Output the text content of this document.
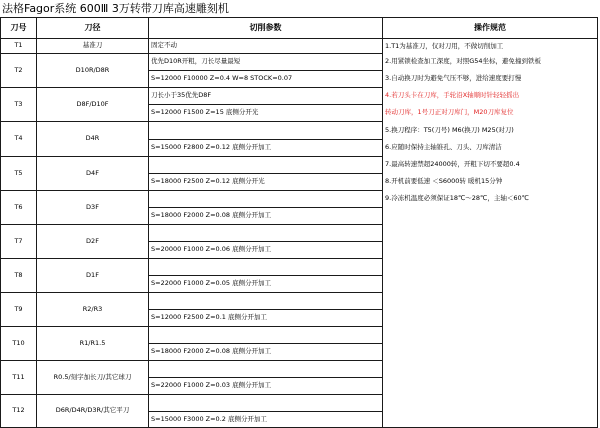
法格Fagor系统 600Ⅲ 3万转带刀库高速雕刻机
刀号	刀径	切削参数	操作规范
T1	基准刀	固定不动	1.T1为基准刀，仅对刀用，不做切削加工
T2	D10R/D8R	优先D10R开粗，刀长尽量最短	2.用紧锁检查加工深度，对照G54坐标，避免撞到铁板
		S=12000 F10000 Z=0.4 W=8 STOCK=0.07	3.自动换刀时为避免气压不够，进给速度要打慢
T3	D8F/D10F	刀长小于35优先D8F	4.若刀头卡在刀库，手轮沿X轴顺时针轻轻摇出
		S=12000 F1500 Z=15 底侧分开光	转动刀库，1号刀正对刀库门，M20刀库复位
T4	D4R		5.换刀程序：T5(刀号) M6(换刀) M25(对刀)
		S=15000 F2800 Z=0.12 底侧分开加工	6.应随时保持主轴锥孔、刀头、刀库清洁
T5	D4F		7.最高转速禁超24000转，开粗下切不要超0.4
		S=18000 F2500 Z=0.12 底侧分开光	8.开机前要低速 ＜S6000转 暖机15分钟
T6	D3F		9.冷冻机温度必须保证18℃～28℃，主轴＜60℃
		S=18000 F2000 Z=0.08 底侧分开加工	
T7	D2F		
		S=20000 F1000 Z=0.06 底侧分开加工	
T8	D1F		
		S=22000 F1000 Z=0.05 底侧分开加工	
T9	R2/R3		
		S=12000 F2500 Z=0.1 底侧分开加工	
T10	R1/R1.5		
		S=18000 F2000 Z=0.08 底侧分开加工	
T11	R0.5/刻字加长刀/其它球刀		
		S=22000 F1000 Z=0.03 底侧分开加工	
T12	D6R/D4R/D3R/其它平刀		
		S=15000 F3000 Z=0.2 底侧分开加工	
